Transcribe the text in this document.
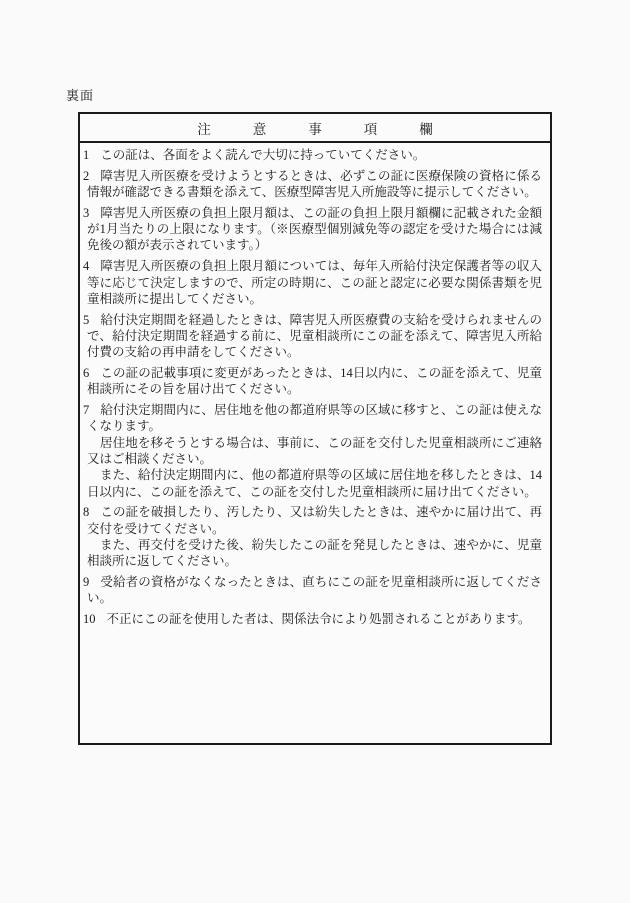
裏面
注　　意　　事　　項　　欄
1 この証は、各面をよく読んで大切に持っていてください。
2 障害児入所医療を受けようとするときは、必ずこの証に医療保険の資格に係る情報が確認できる書類を添えて、医療型障害児入所施設等に提示してください。
3 障害児入所医療の負担上限月額は、この証の負担上限月額欄に記載された金額が1月当たりの上限になります。（※医療型個別減免等の認定を受けた場合には減免後の額が表示されています。）
4 障害児入所医療の負担上限月額については、毎年入所給付決定保護者等の収入等に応じて決定しますので、所定の時期に、この証と認定に必要な関係書類を児童相談所に提出してください。
5 給付決定期間を経過したときは、障害児入所医療費の支給を受けられませんので、給付決定期間を経過する前に、児童相談所にこの証を添えて、障害児入所給付費の支給の再申請をしてください。
6 この証の記載事項に変更があったときは、14日以内に、この証を添えて、児童相談所にその旨を届け出てください。
7 給付決定期間内に、居住地を他の都道府県等の区域に移すと、この証は使えなくなります。
居住地を移そうとする場合は、事前に、この証を交付した児童相談所にご連絡又はご相談ください。
また、給付決定期間内に、他の都道府県等の区域に居住地を移したときは、14日以内に、この証を添えて、この証を交付した児童相談所に届け出てください。
8 この証を破損したり、汚したり、又は紛失したときは、速やかに届け出て、再交付を受けてください。
また、再交付を受けた後、紛失したこの証を発見したときは、速やかに、児童相談所に返してください。
9 受給者の資格がなくなったときは、直ちにこの証を児童相談所に返してください。
10 不正にこの証を使用した者は、関係法令により処罰されることがあります。
